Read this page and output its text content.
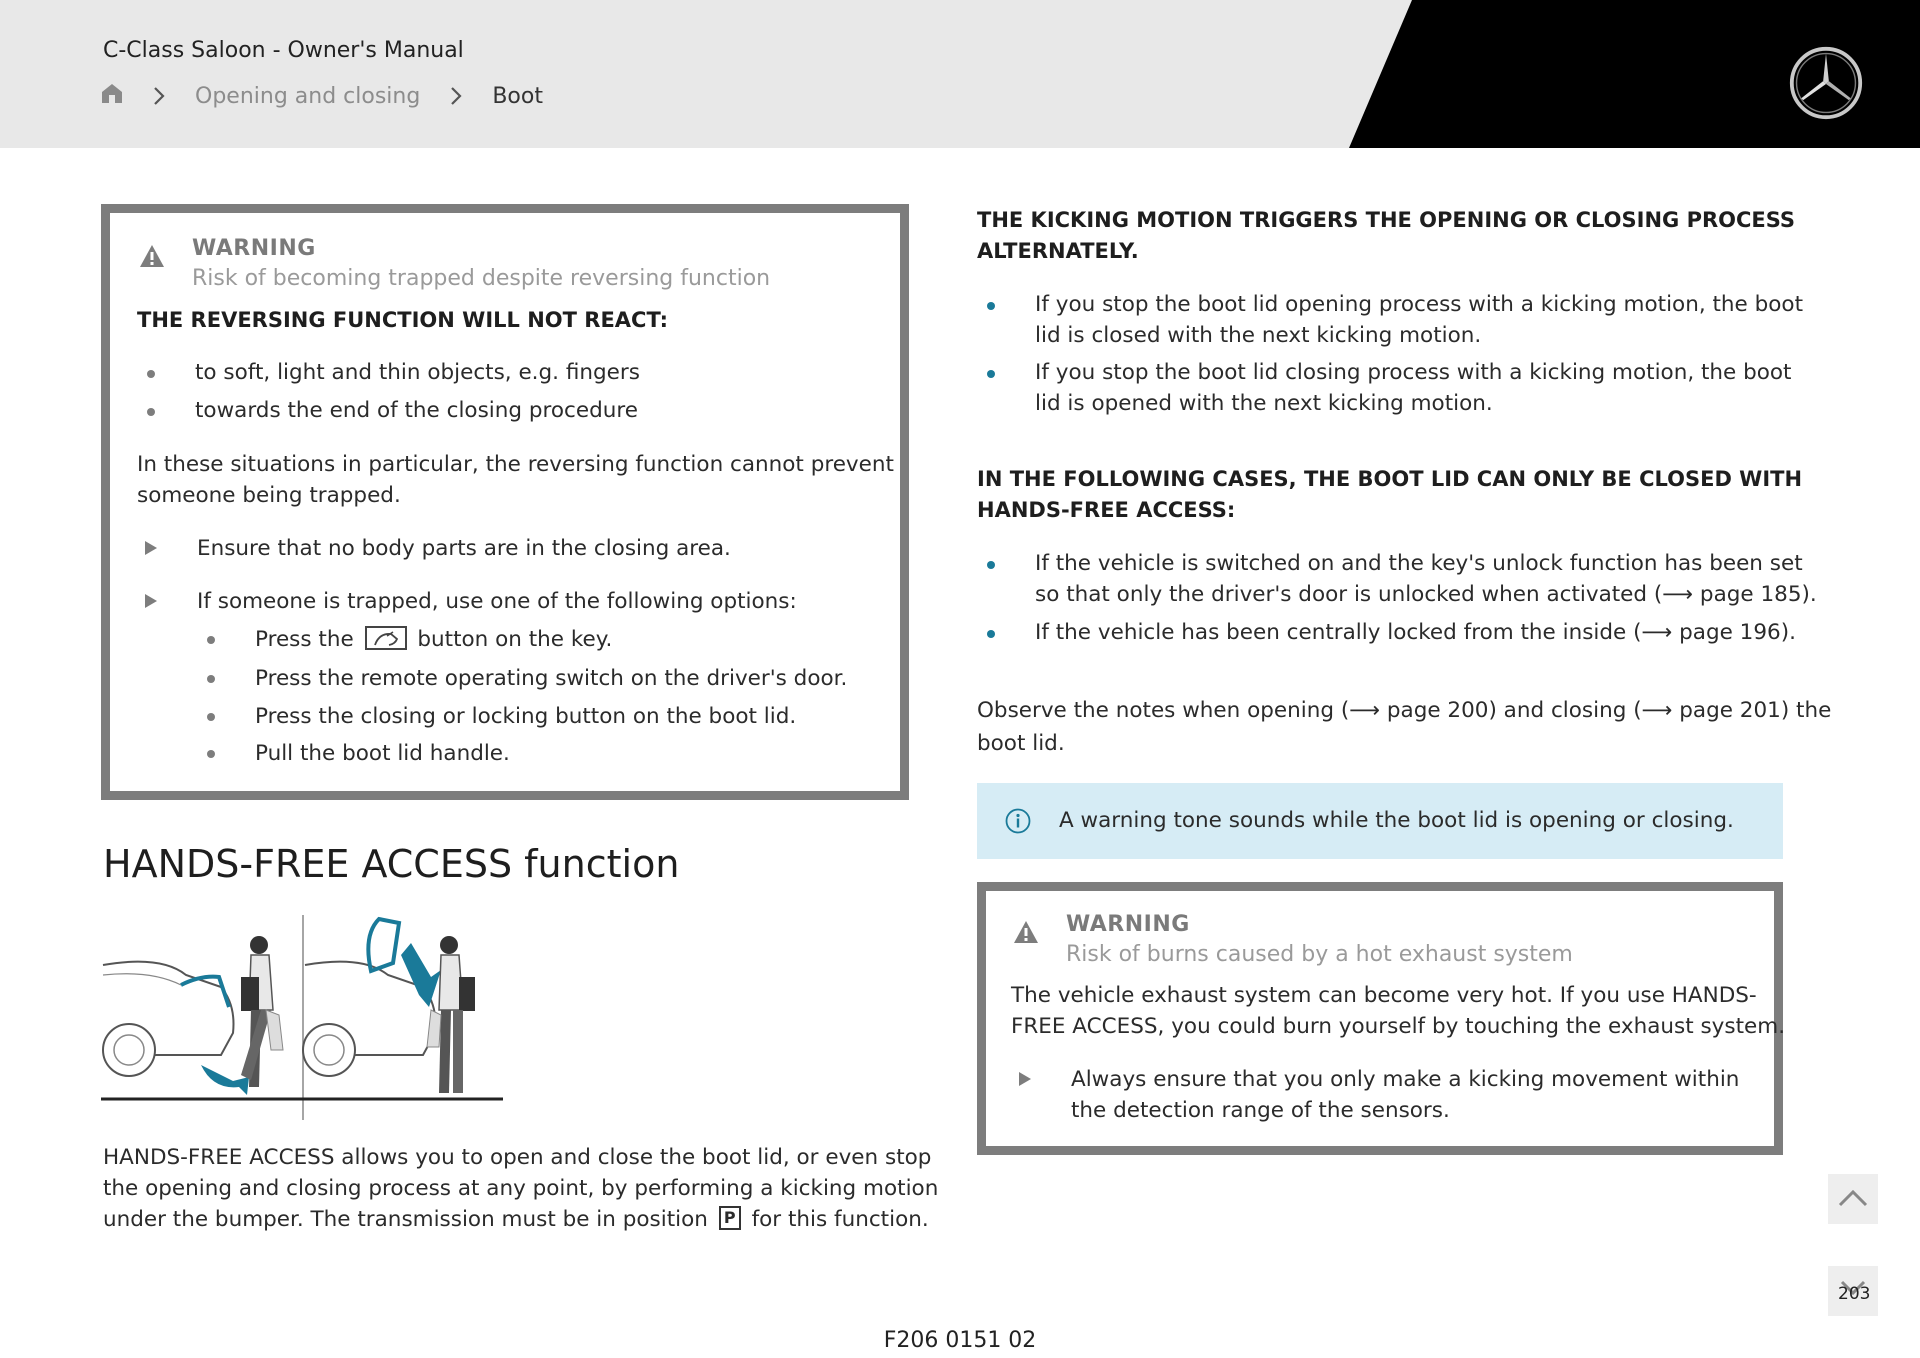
C-Class Saloon - Owner's Manual
Opening and closing	Boot
WARNING
Risk of becoming trapped despite reversing function
THE REVERSING FUNCTION WILL NOT REACT:
to soft, light and thin objects, e.g. fingers
towards the end of the closing procedure
In these situations in particular, the reversing function cannot prevent
someone being trapped.
Ensure that no body parts are in the closing area.
If someone is trapped, use one of the following options:
Press the	button on the key.
Press the remote operating switch on the driver's door.
Press the closing or locking button on the boot lid.
Pull the boot lid handle.
HANDS-FREE ACCESS function
HANDS-FREE ACCESS allows you to open and close the boot lid, or even stop
the opening and closing process at any point, by performing a kicking motion
under the bumper. The transmission must be in position P for this function.
THE KICKING MOTION TRIGGERS THE OPENING OR CLOSING PROCESS
ALTERNATELY.
If you stop the boot lid opening process with a kicking motion, the boot
lid is closed with the next kicking motion.
If you stop the boot lid closing process with a kicking motion, the boot
lid is opened with the next kicking motion.
IN THE FOLLOWING CASES, THE BOOT LID CAN ONLY BE CLOSED WITH
HANDS-FREE ACCESS:
If the vehicle is switched on and the key's unlock function has been set
so that only the driver's door is unlocked when activated (⟶ page 185).
If the vehicle has been centrally locked from the inside (⟶ page 196).
Observe the notes when opening (⟶ page 200) and closing (⟶ page 201) the
boot lid.
A warning tone sounds while the boot lid is opening or closing.
WARNING
Risk of burns caused by a hot exhaust system
The vehicle exhaust system can become very hot. If you use HANDS-
FREE ACCESS, you could burn yourself by touching the exhaust system.
Always ensure that you only make a kicking movement within
the detection range of the sensors.
203
F206 0151 02
